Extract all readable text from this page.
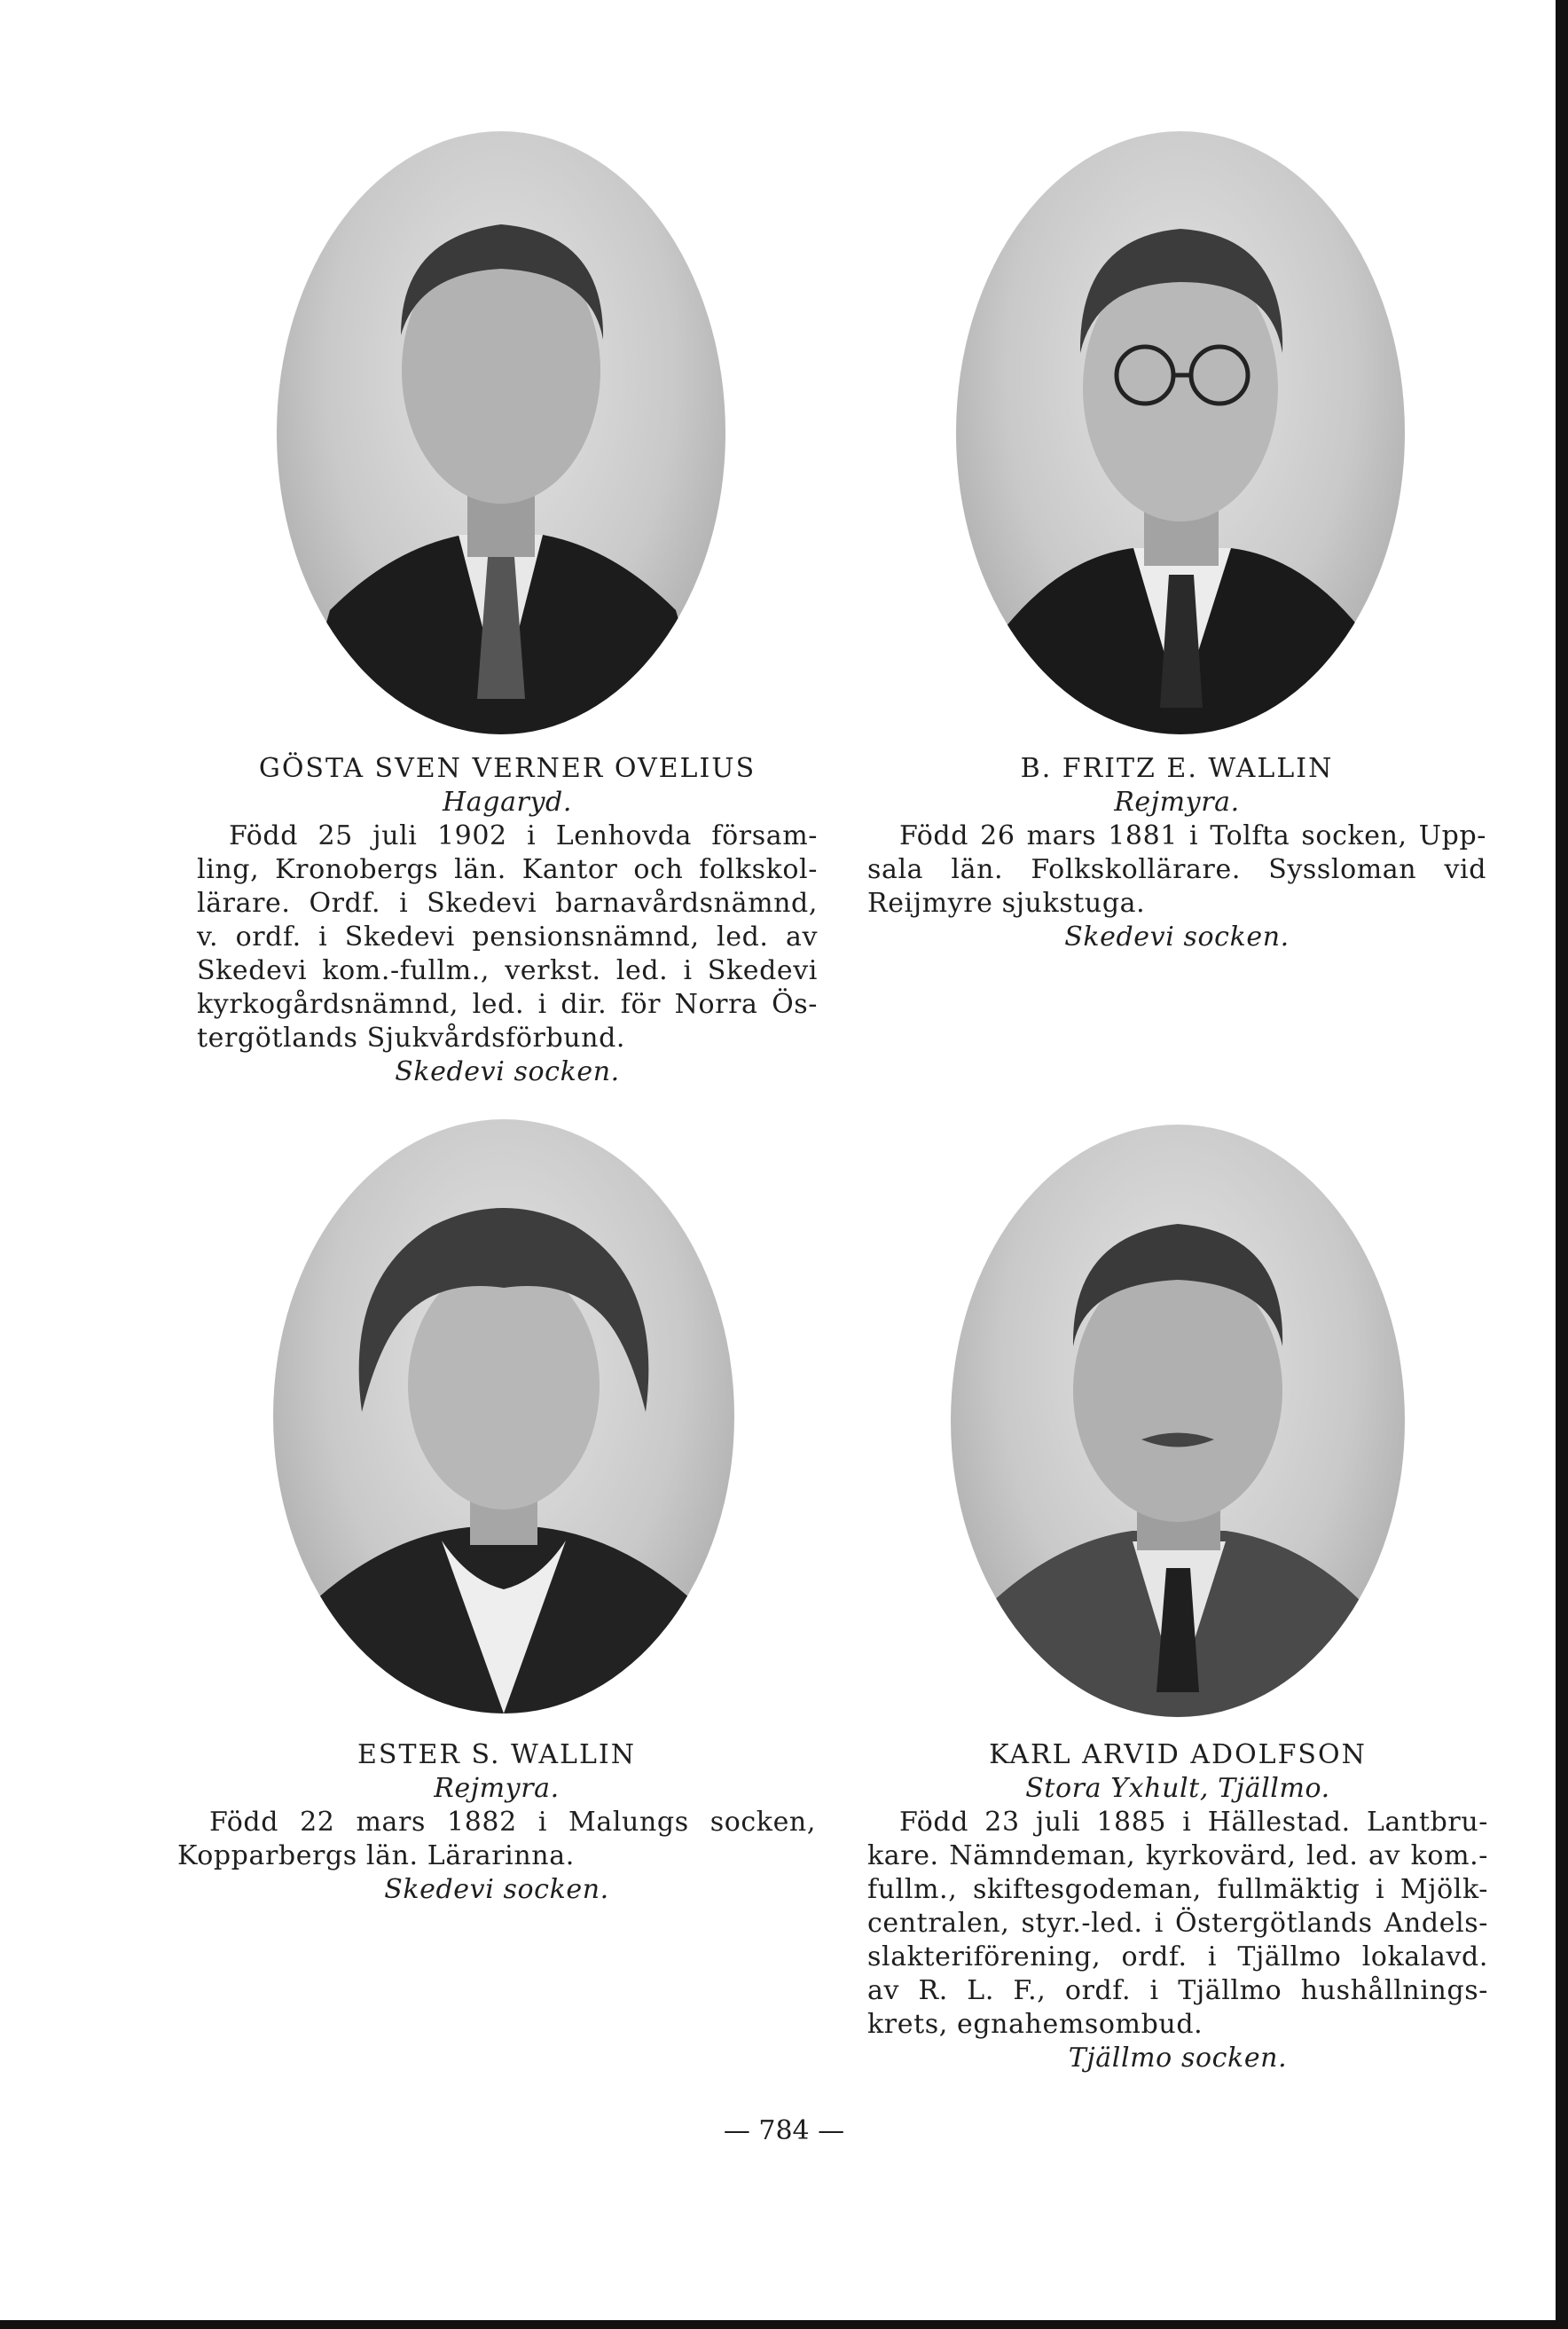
GÖSTA SVEN VERNER OVELIUS
Hagaryd.

Född 25 juli 1902 i Lenhovda försam-

ling, Kronobergs län. Kantor och folkskol-

lärare. Ordf. i Skedevi barnavårdsnämnd,

v. ordf. i Skedevi pensionsnämnd, led. av

Skedevi kom.-fullm., verkst. led. i Skedevi

kyrkogårdsnämnd, led. i dir. för Norra Ös-

tergötlands Sjukvårdsförbund.

Skedevi socken.
B. FRITZ E. WALLIN
Rejmyra.

Född 26 mars 1881 i Tolfta socken, Upp-

sala län. Folkskollärare. Syssloman vid

Reijmyre sjukstuga.

Skedevi socken.
ESTER S. WALLIN
Rejmyra.

Född 22 mars 1882 i Malungs socken,

Kopparbergs län. Lärarinna.

Skedevi socken.
KARL ARVID ADOLFSON
Stora Yxhult, Tjällmo.

Född 23 juli 1885 i Hällestad. Lantbru-

kare. Nämndeman, kyrkovärd, led. av kom.-

fullm., skiftesgodeman, fullmäktig i Mjölk-

centralen, styr.-led. i Östergötlands Andels-

slakteriförening, ordf. i Tjällmo lokalavd.

av R. L. F., ordf. i Tjällmo hushållnings-

krets, egnahemsombud.

Tjällmo socken.
— 784 —
